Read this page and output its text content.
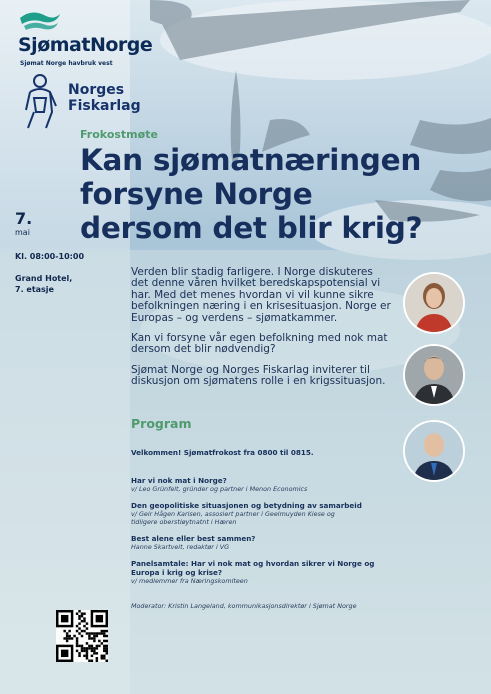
SjømatNorge
Sjømat Norge havbruk vest
Norges
Fiskarlag
Frokostmøte
Kan sjømatnæringen
forsyne Norge
dersom det blir krig?
7.
mai
Kl. 08:00-10:00
Grand Hotel,
7. etasje

Verden blir stadig farligere. I Norge diskuteres det denne våren hvilket beredskapspotensial vi har. Med det menes hvordan vi vil kunne sikre befolkningen næring i en krisesituasjon. Norge er Europas – og verdens – sjømatkammer.

Kan vi forsyne vår egen befolkning med nok mat dersom det blir nødvendig?

Sjømat Norge og Norges Fiskarlag inviterer til diskusjon om sjømatens rolle i en krigssituasjon.

Program
Velkommen! Sjømatfrokost fra 0800 til 0815.
Har vi nok mat i Norge?
v/ Leo Grünfelt, gründer og partner i Menon Economics
Den geopolitiske situasjonen og betydning av samarbeid
v/ Geir Hågen Karlsen, assosiert partner i Geelmuyden Kiese og
tidligere oberstløytnatnt i Hæren
Best alene eller best sammen?
Hanne Skartveit, redaktør i VG
Panelsamtale: Har vi nok mat og hvordan sikrer vi Norge og
Europa i krig og krise?
v/ medlemmer fra Næringskomiteen
Moderator: Kristin Langeland, kommunikasjonsdirektør i Sjømat Norge
